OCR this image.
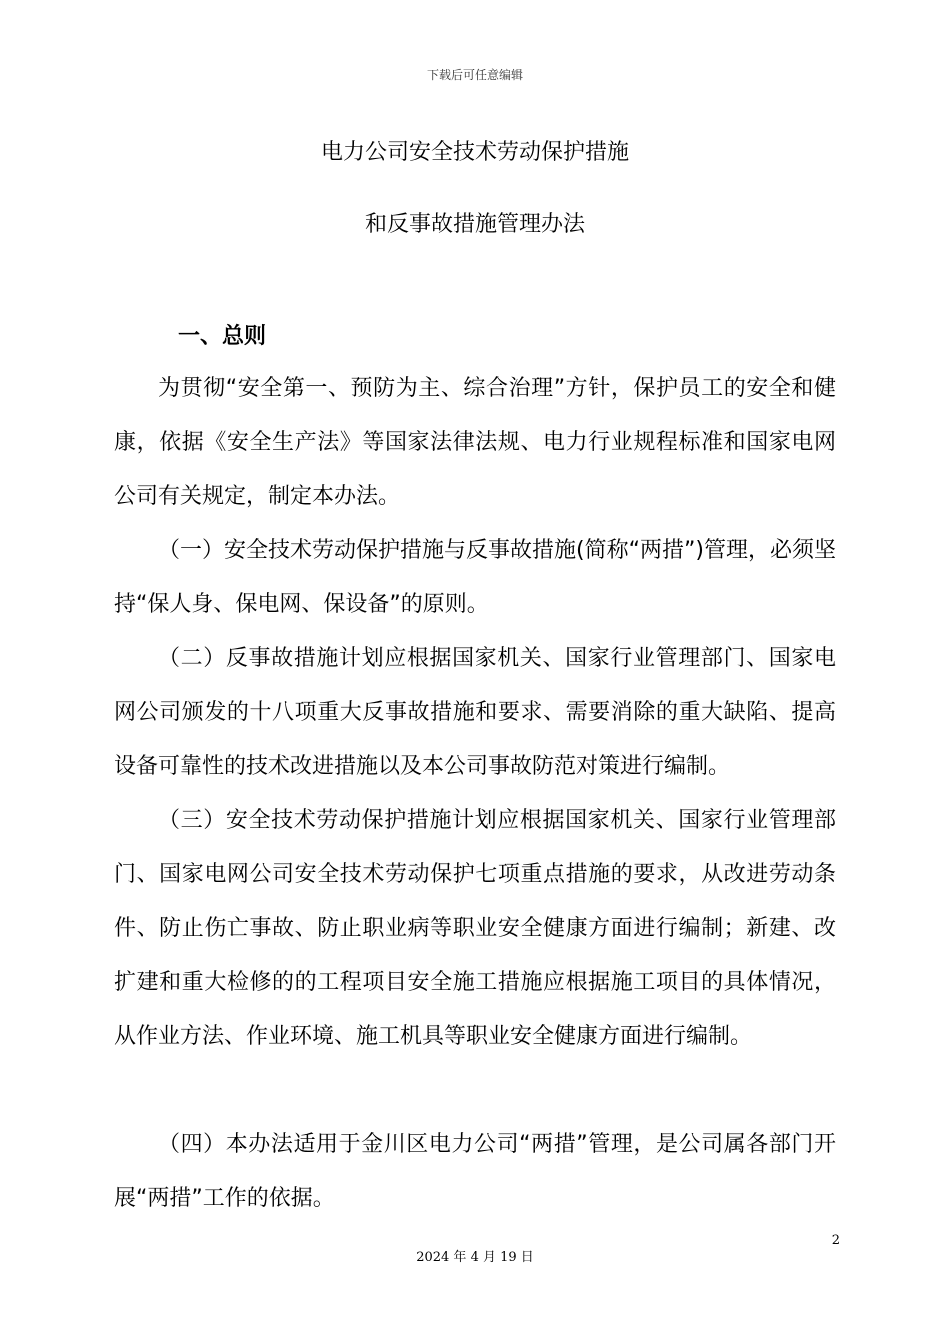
下载后可任意编辑
电力公司安全技术劳动保护措施
和反事故措施管理办法
一、总则

为贯彻“安全第一、预防为主、综合治理”方针，保护员工的安全和健康，依据《安全生产法》等国家法律法规、电力行业规程标准和国家电网公司有关规定，制定本办法。

（一）安全技术劳动保护措施与反事故措施(简称“两措”)管理，必须坚持“保人身、保电网、保设备”的原则。

（二）反事故措施计划应根据国家机关、国家行业管理部门、国家电网公司颁发的十八项重大反事故措施和要求、需要消除的重大缺陷、提高设备可靠性的技术改进措施以及本公司事故防范对策进行编制。

（三）安全技术劳动保护措施计划应根据国家机关、国家行业管理部门、国家电网公司安全技术劳动保护七项重点措施的要求，从改进劳动条件、防止伤亡事故、防止职业病等职业安全健康方面进行编制；新建、改扩建和重大检修的的工程项目安全施工措施应根据施工项目的具体情况，从作业方法、作业环境、施工机具等职业安全健康方面进行编制。

（四）本办法适用于金川区电力公司“两措”管理，是公司属各部门开展“两措”工作的依据。

2
2024 年 4 月 19 日
